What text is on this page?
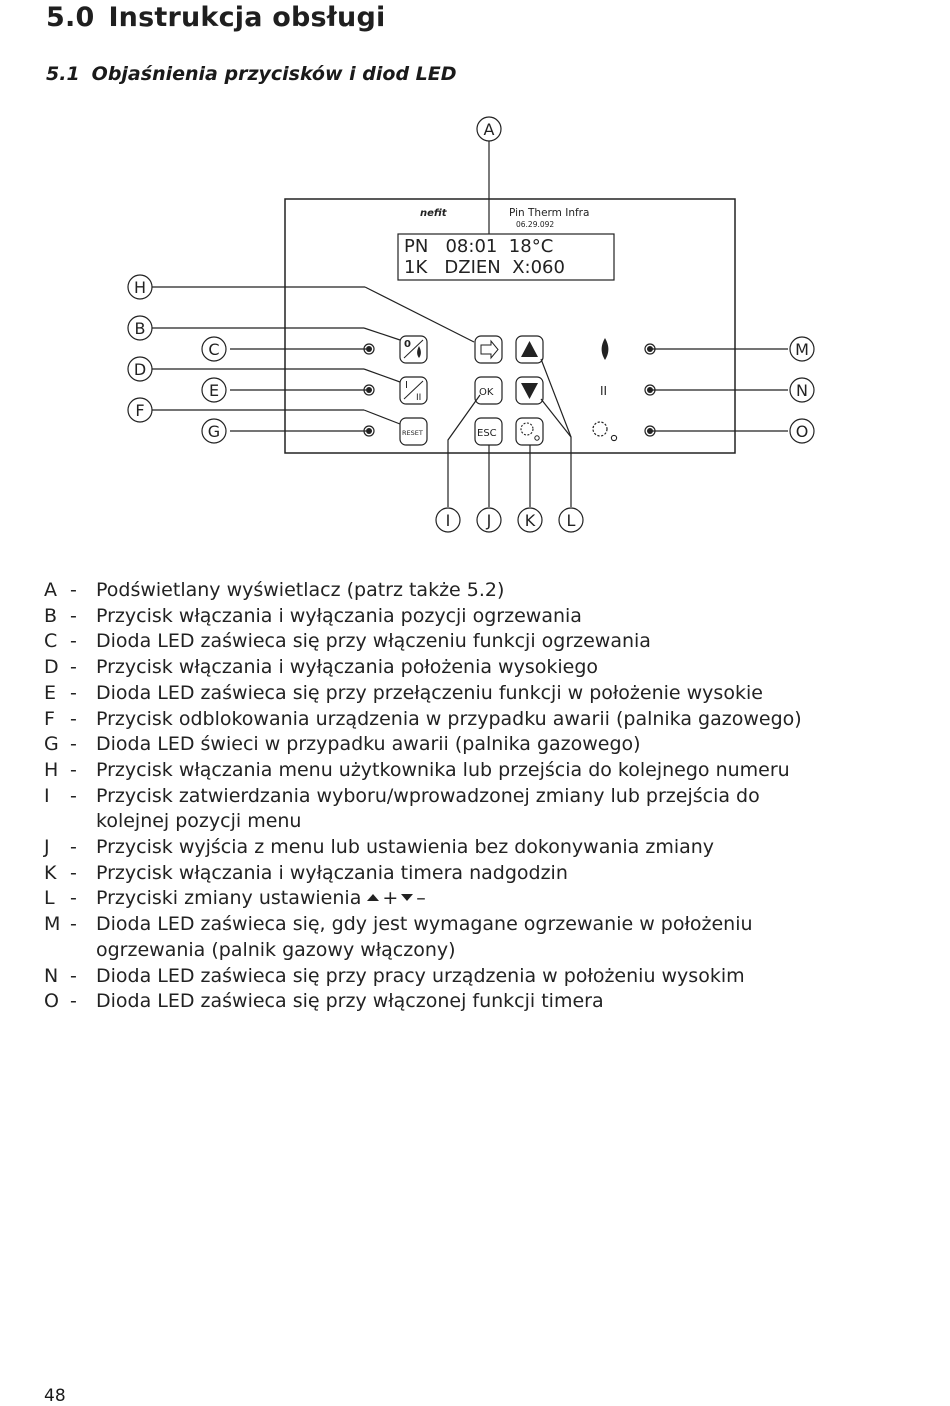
5.0 Instrukcja obsługi
5.1 Objaśnienia przycisków i diod LED
nefit	Pin Therm Infra
06.29.092
PN   08:01  18°C
1K   DZIEN  X:060
0
I
II
RESET
OK
ESC
II
A
B
C
D
E
F
G
H
I J K L
M
N
O
A -	Podświetlany wyświetlacz (patrz także 5.2)
B -	Przycisk włączania i wyłączania pozycji ogrzewania
C -	Dioda LED zaświeca się przy włączeniu funkcji ogrzewania
D -	Przycisk włączania i wyłączania położenia wysokiego
E -	Dioda LED zaświeca się przy przełączeniu funkcji w położenie wysokie
F -	Przycisk odblokowania urządzenia w przypadku awarii (palnika gazowego)
G -	Dioda LED świeci w przypadku awarii (palnika gazowego)
H -	Przycisk włączania menu użytkownika lub przejścia do kolejnego numeru
I	-	Przycisk zatwierdzania wyboru/wprowadzonej zmiany lub przejścia do
kolejnej pozycji menu
J	-	Przycisk wyjścia z menu lub ustawienia bez dokonywania zmiany
K -	Przycisk włączania i wyłączania timera nadgodzin
L -	Przyciski zmiany ustawienia + –
M -	Dioda LED zaświeca się, gdy jest wymagane ogrzewanie w położeniu
ogrzewania (palnik gazowy włączony)
N -	Dioda LED zaświeca się przy pracy urządzenia w położeniu wysokim
O -	Dioda LED zaświeca się przy włączonej funkcji timera
48
